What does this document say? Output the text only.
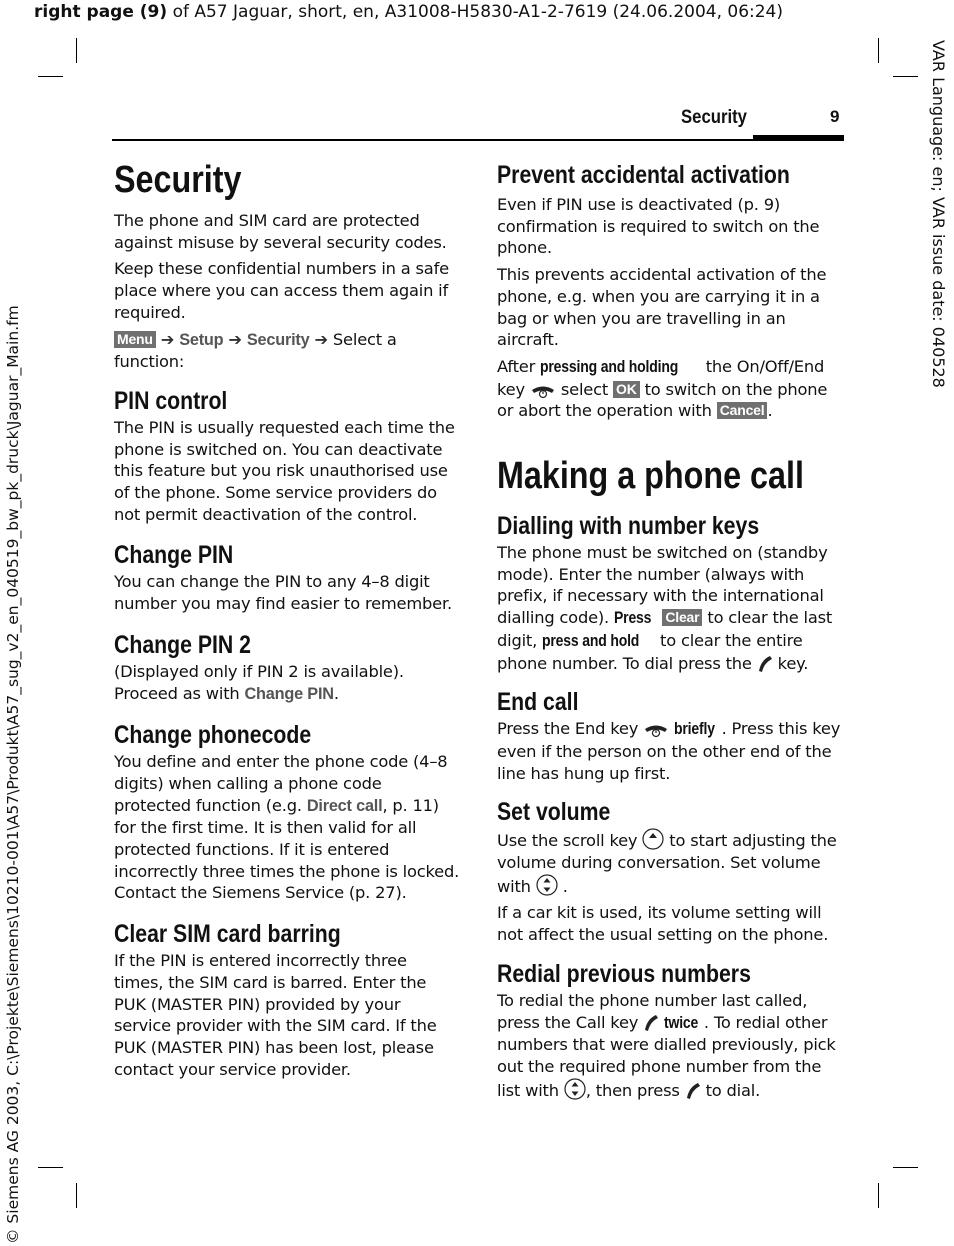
right page (9) of A57 Jaguar, short, en, A31008-H5830-A1-2-7619 (24.06.2004, 06:24)
VAR Language: en; VAR issue date: 040528
© Siemens AG 2003, C:\Projekte\Siemens\10210-001\A57\Produkt\A57_sug_v2_en_040519_bw_pk_druck\Jaguar_Main.fm
Security	9
Security

The phone and SIM card are protected against misuse by several security codes.

Keep these confidential numbers in a safe place where you can access them again if required.

Menu ➔ Setup ➔ Security ➔ Select a function:

PIN control

The PIN is usually requested each time the phone is switched on. You can deactivate this feature but you risk unauthorised use of the phone. Some service providers do not permit deactivation of the control.

Change PIN

You can change the PIN to any 4–8 digit number you may find easier to remember.

Change PIN 2

(Displayed only if PIN 2 is available). Proceed as with Change PIN.

Change phonecode

You define and enter the phone code (4–8 digits) when calling a phone code protected function (e.g. Direct call, p. 11) for the first time. It is then valid for all protected functions. If it is entered incorrectly three times the phone is locked. Contact the Siemens Service (p. 27).

Clear SIM card barring

If the PIN is entered incorrectly three times, the SIM card is barred. Enter the PUK (MASTER PIN) provided by your service provider with the SIM card. If the PUK (MASTER PIN) has been lost, please contact your service provider.

Prevent accidental activation

Even if PIN use is deactivated (p. 9) confirmation is required to switch on the phone.

This prevents accidental activation of the phone, e.g. when you are carrying it in a bag or when you are travelling in an aircraft.

After pressing and holding the On/Off/End key
select OK to switch on the phone or abort the operation with Cancel .

Making a phone call
Dialling with number keys

The phone must be switched on (standby mode). Enter the number (always with prefix, if necessary with the international dialling code). Press Clear to clear the last digit, press and hold to clear the entire phone number. To dial press the
key.

End call

Press the End key
briefly . Press this key even if the person on the other end of the line has hung up first.

Set volume

Use the scroll key
to start adjusting the volume during conversation. Set volume with
.

If a car kit is used, its volume setting will not affect the usual setting on the phone.

Redial previous numbers

To redial the phone number last called, press the Call key
twice . To redial other numbers that were dialled previously, pick out the required phone number from the list with
, then press
to dial.
